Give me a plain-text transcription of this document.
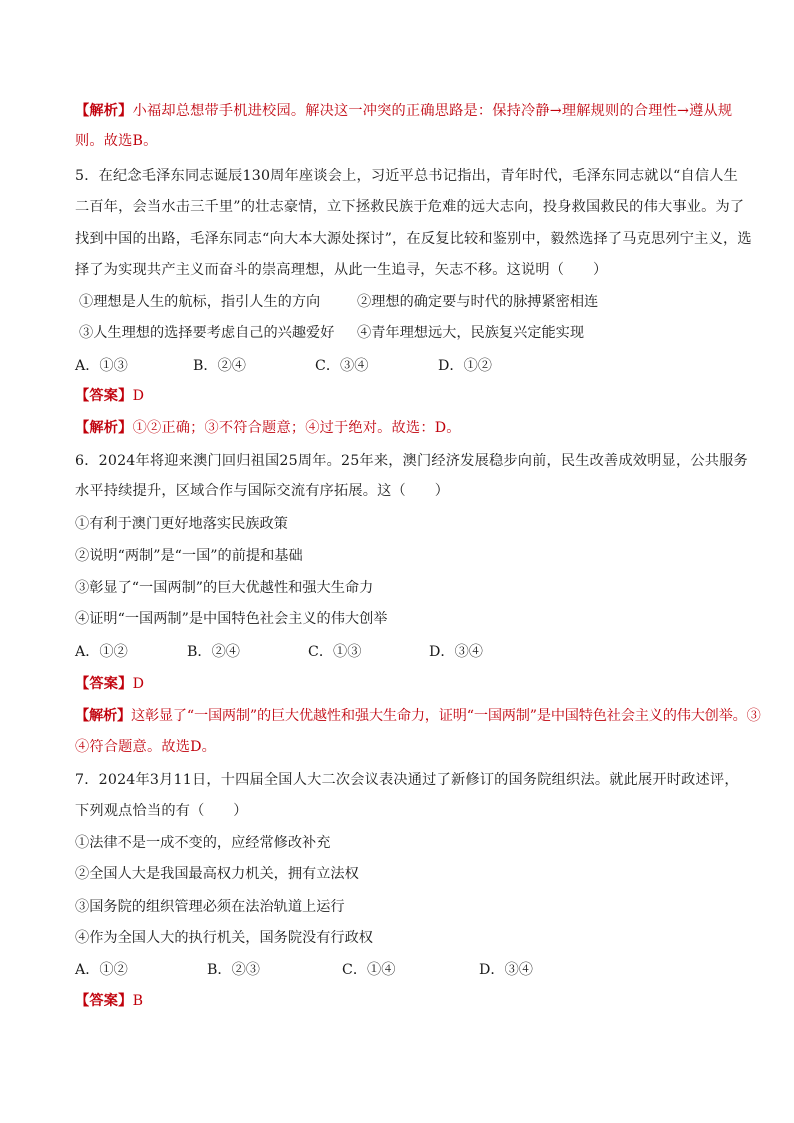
【解析】小福却总想带手机进校园。解决这一冲突的正确思路是：保持冷静→理解规则的合理性→遵从规
则。故选B。
5．在纪念毛泽东同志诞辰130周年座谈会上，习近平总书记指出，青年时代，毛泽东同志就以“自信人生
二百年，会当水击三千里”的壮志豪情，立下拯救民族于危难的远大志向，投身救国救民的伟大事业。为了
找到中国的出路，毛泽东同志“向大本大源处探讨”，在反复比较和鉴别中，毅然选择了马克思列宁主义，选
择了为实现共产主义而奋斗的崇高理想，从此一生追寻，矢志不移。这说明（　　）
①理想是人生的航标，指引人生的方向	②理想的确定要与时代的脉搏紧密相连
③人生理想的选择要考虑自己的兴趣爱好 ④青年理想远大，民族复兴定能实现
A．①③	B．②④	C．③④	D．①②
【答案】D
【解析】①②正确；③不符合题意；④过于绝对。故选：D。
6．2024年将迎来澳门回归祖国25周年。25年来，澳门经济发展稳步向前，民生改善成效明显，公共服务
水平持续提升，区域合作与国际交流有序拓展。这（　　）
①有利于澳门更好地落实民族政策
②说明“两制”是“一国”的前提和基础
③彰显了“一国两制”的巨大优越性和强大生命力
④证明“一国两制”是中国特色社会主义的伟大创举
A．①②	B．②④	C．①③	D．③④
【答案】D
【解析】这彰显了“一国两制”的巨大优越性和强大生命力，证明“一国两制”是中国特色社会主义的伟大创举。③
④符合题意。故选D。
7．2024年3月11日，十四届全国人大二次会议表决通过了新修订的国务院组织法。就此展开时政述评，
下列观点恰当的有（　　）
①法律不是一成不变的，应经常修改补充
②全国人大是我国最高权力机关，拥有立法权
③国务院的组织管理必须在法治轨道上运行
④作为全国人大的执行机关，国务院没有行政权
A．①②	B．②③	C．①④	D．③④
【答案】B
